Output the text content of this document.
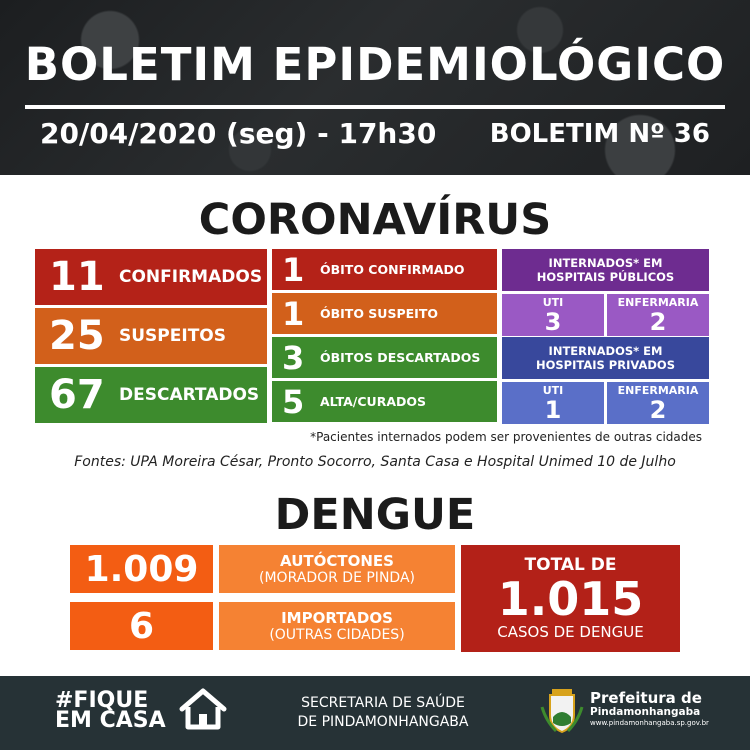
BOLETIM EPIDEMIOLÓGICO
20/04/2020 (seg) - 17h30 BOLETIM Nº 36
CORONAVÍRUS
11 CONFIRMADOS
25 SUSPEITOS
67 DESCARTADOS
1 ÓBITO CONFIRMADO
1 ÓBITO SUSPEITO
3 ÓBITOS DESCARTADOS
5 ALTA/CURADOS
INTERNADOS* EM
HOSPITAIS PÚBLICOS
UTI
3
ENFERMARIA
2
INTERNADOS* EM
HOSPITAIS PRIVADOS
UTI
1
ENFERMARIA
2
*Pacientes internados podem ser provenientes de outras cidades
Fontes: UPA Moreira César, Pronto Socorro, Santa Casa e Hospital Unimed 10 de Julho
DENGUE
1.009	AUTÓCTONES
(MORADOR DE PINDA)
6	IMPORTADOS
(OUTRAS CIDADES)
TOTAL DE
1.015
CASOS DE DENGUE
#FIQUE
EM CASA
SECRETARIA DE SAÚDE
DE PINDAMONHANGABA
Prefeitura de
Pindamonhangaba
www.pindamonhangaba.sp.gov.br
